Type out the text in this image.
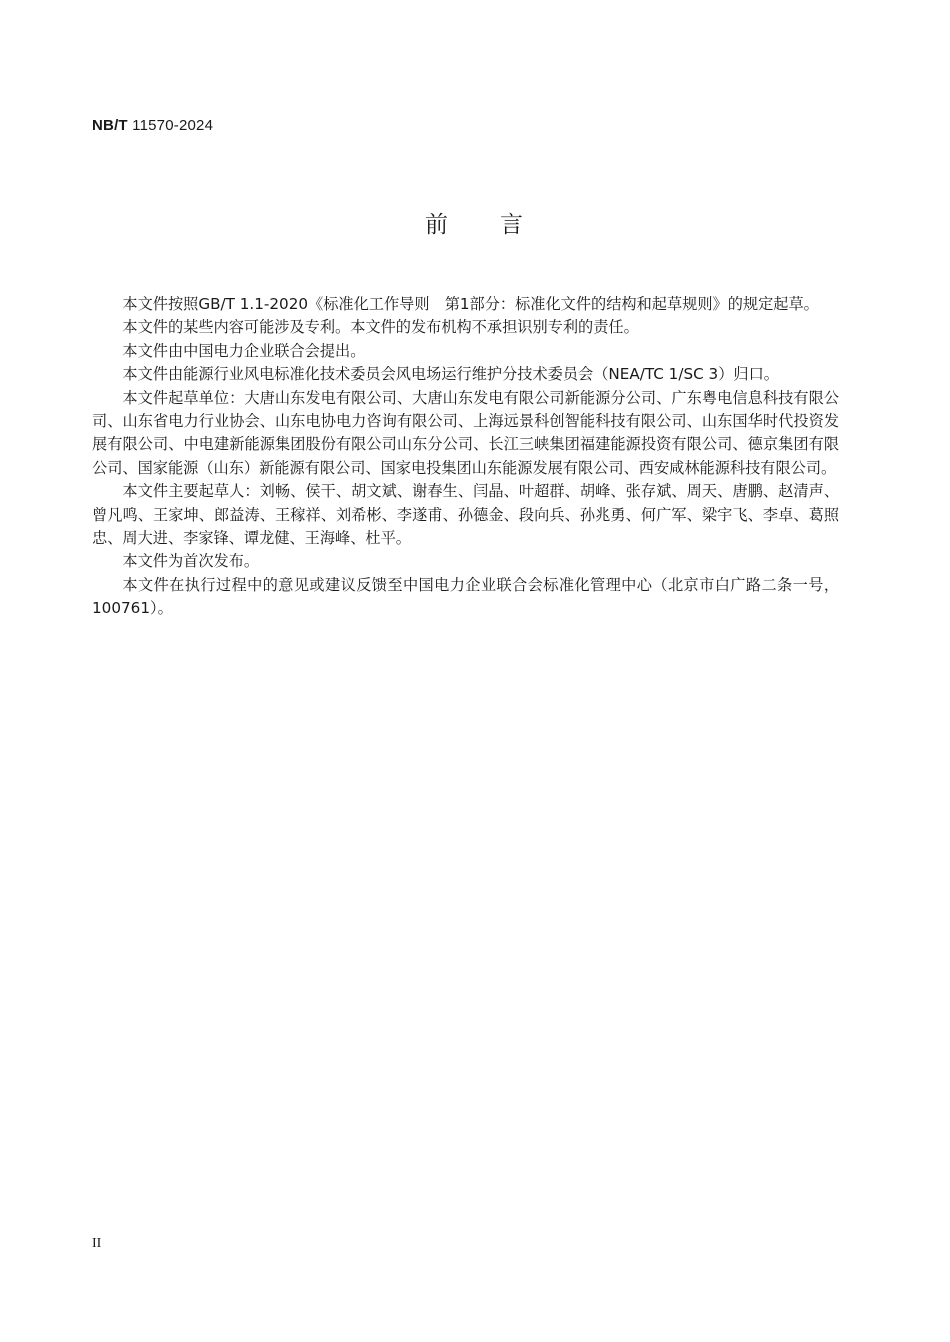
NB/T 11570-2024
前　　言

本文件按照GB/T 1.1-2020《标准化工作导则　第1部分：标准化文件的结构和起草规则》的规定起草。

本文件的某些内容可能涉及专利。本文件的发布机构不承担识别专利的责任。

本文件由中国电力企业联合会提出。

本文件由能源行业风电标准化技术委员会风电场运行维护分技术委员会（NEA/TC 1/SC 3）归口。

本文件起草单位：大唐山东发电有限公司、大唐山东发电有限公司新能源分公司、广东粤电信息科技有限公司、山东省电力行业协会、山东电协电力咨询有限公司、上海远景科创智能科技有限公司、山东国华时代投资发展有限公司、中电建新能源集团股份有限公司山东分公司、长江三峡集团福建能源投资有限公司、德京集团有限公司、国家能源（山东）新能源有限公司、国家电投集团山东能源发展有限公司、西安咸林能源科技有限公司。

本文件主要起草人：刘畅、侯干、胡文斌、谢春生、闫晶、叶超群、胡峰、张存斌、周天、唐鹏、赵清声、曾凡鸣、王家坤、郎益涛、王稼祥、刘希彬、李遂甫、孙德金、段向兵、孙兆勇、何广军、梁宇飞、李卓、葛照忠、周大进、李家锋、谭龙健、王海峰、杜平。

本文件为首次发布。

本文件在执行过程中的意见或建议反馈至中国电力企业联合会标准化管理中心（北京市白广路二条一号，100761）。

II
